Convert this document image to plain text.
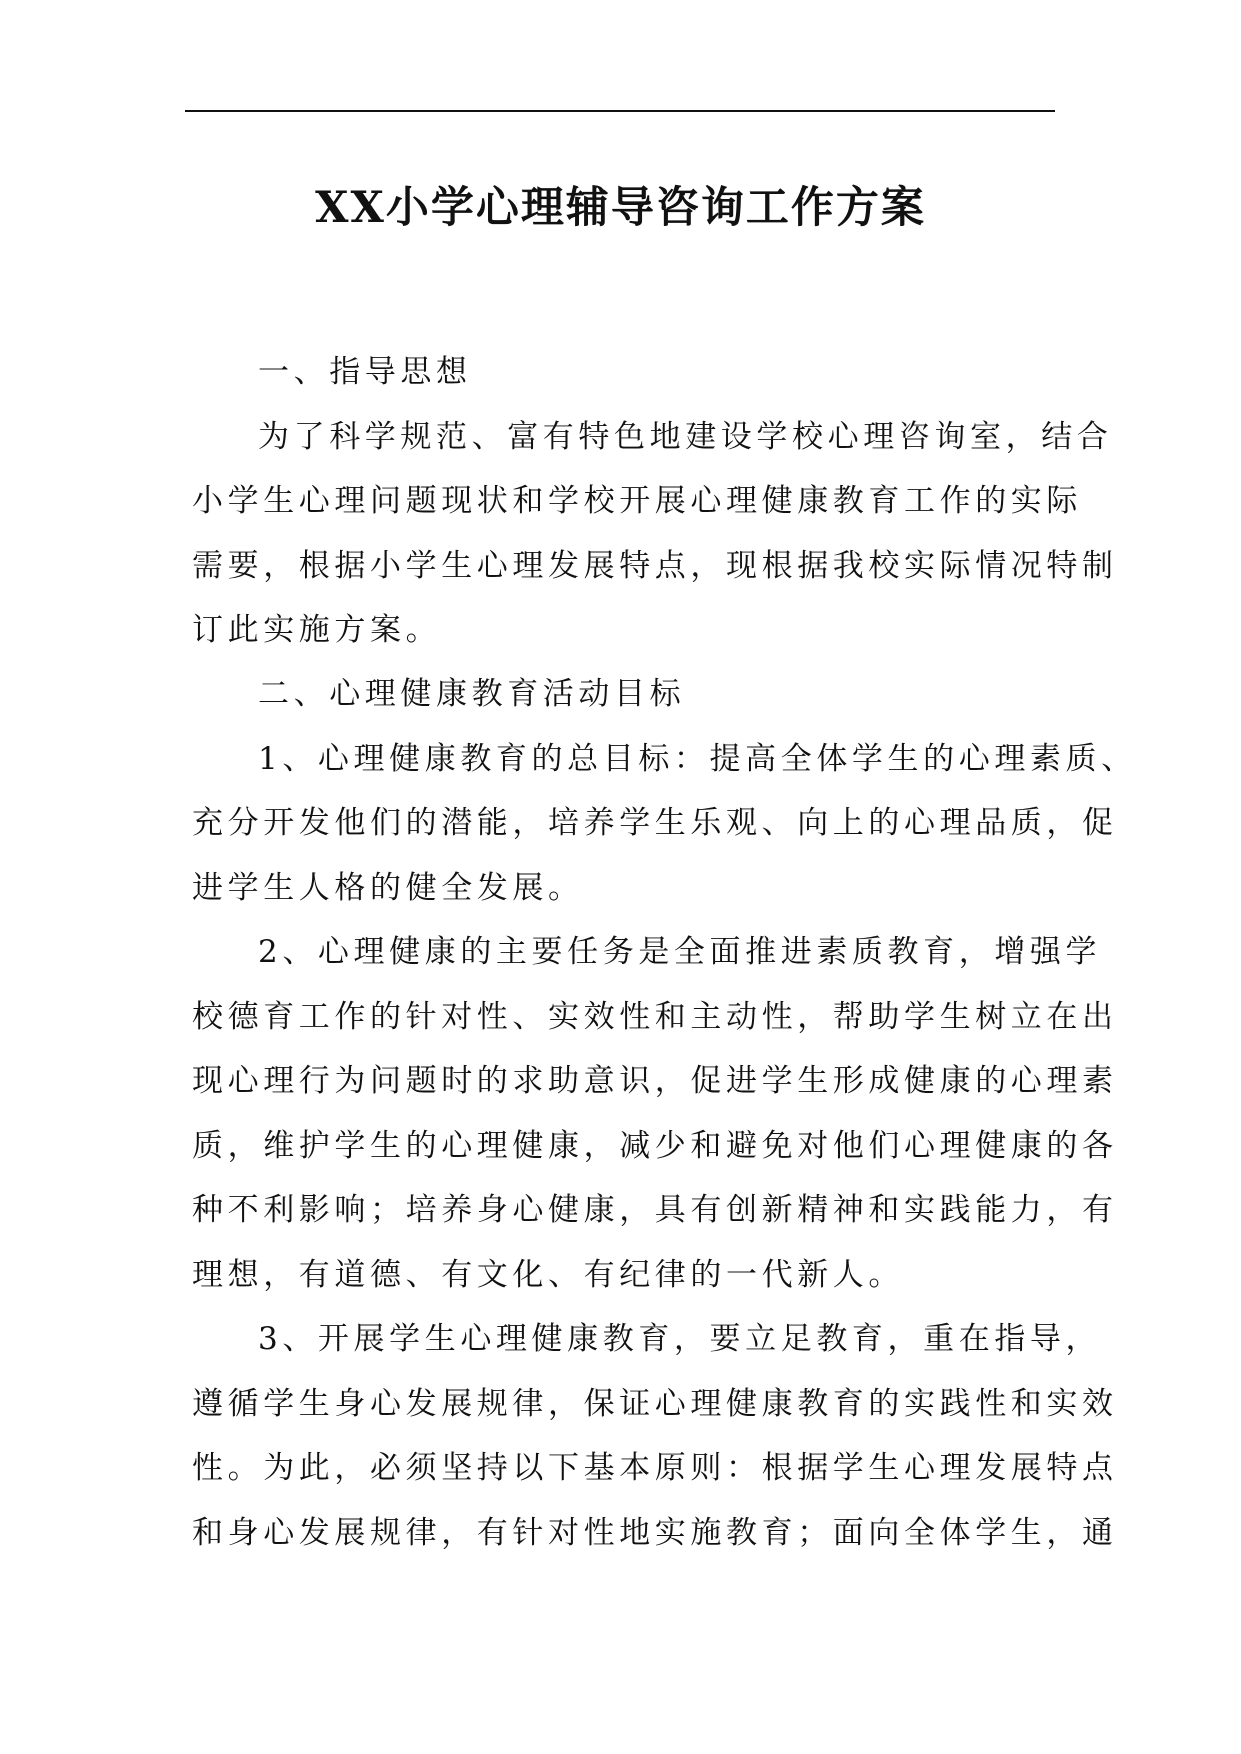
XX小学心理辅导咨询工作方案
一、指导思想
为了科学规范、富有特色地建设学校心理咨询室，结合
小学生心理问题现状和学校开展心理健康教育工作的实际
需要，根据小学生心理发展特点，现根据我校实际情况特制
订此实施方案。
二、心理健康教育活动目标
1、心理健康教育的总目标：提高全体学生的心理素质、
充分开发他们的潜能，培养学生乐观、向上的心理品质，促
进学生人格的健全发展。
2、心理健康的主要任务是全面推进素质教育，增强学
校德育工作的针对性、实效性和主动性，帮助学生树立在出
现心理行为问题时的求助意识，促进学生形成健康的心理素
质，维护学生的心理健康，减少和避免对他们心理健康的各
种不利影响；培养身心健康，具有创新精神和实践能力，有
理想，有道德、有文化、有纪律的一代新人。
3、开展学生心理健康教育，要立足教育，重在指导，
遵循学生身心发展规律，保证心理健康教育的实践性和实效
性。为此，必须坚持以下基本原则：根据学生心理发展特点
和身心发展规律，有针对性地实施教育；面向全体学生，通
